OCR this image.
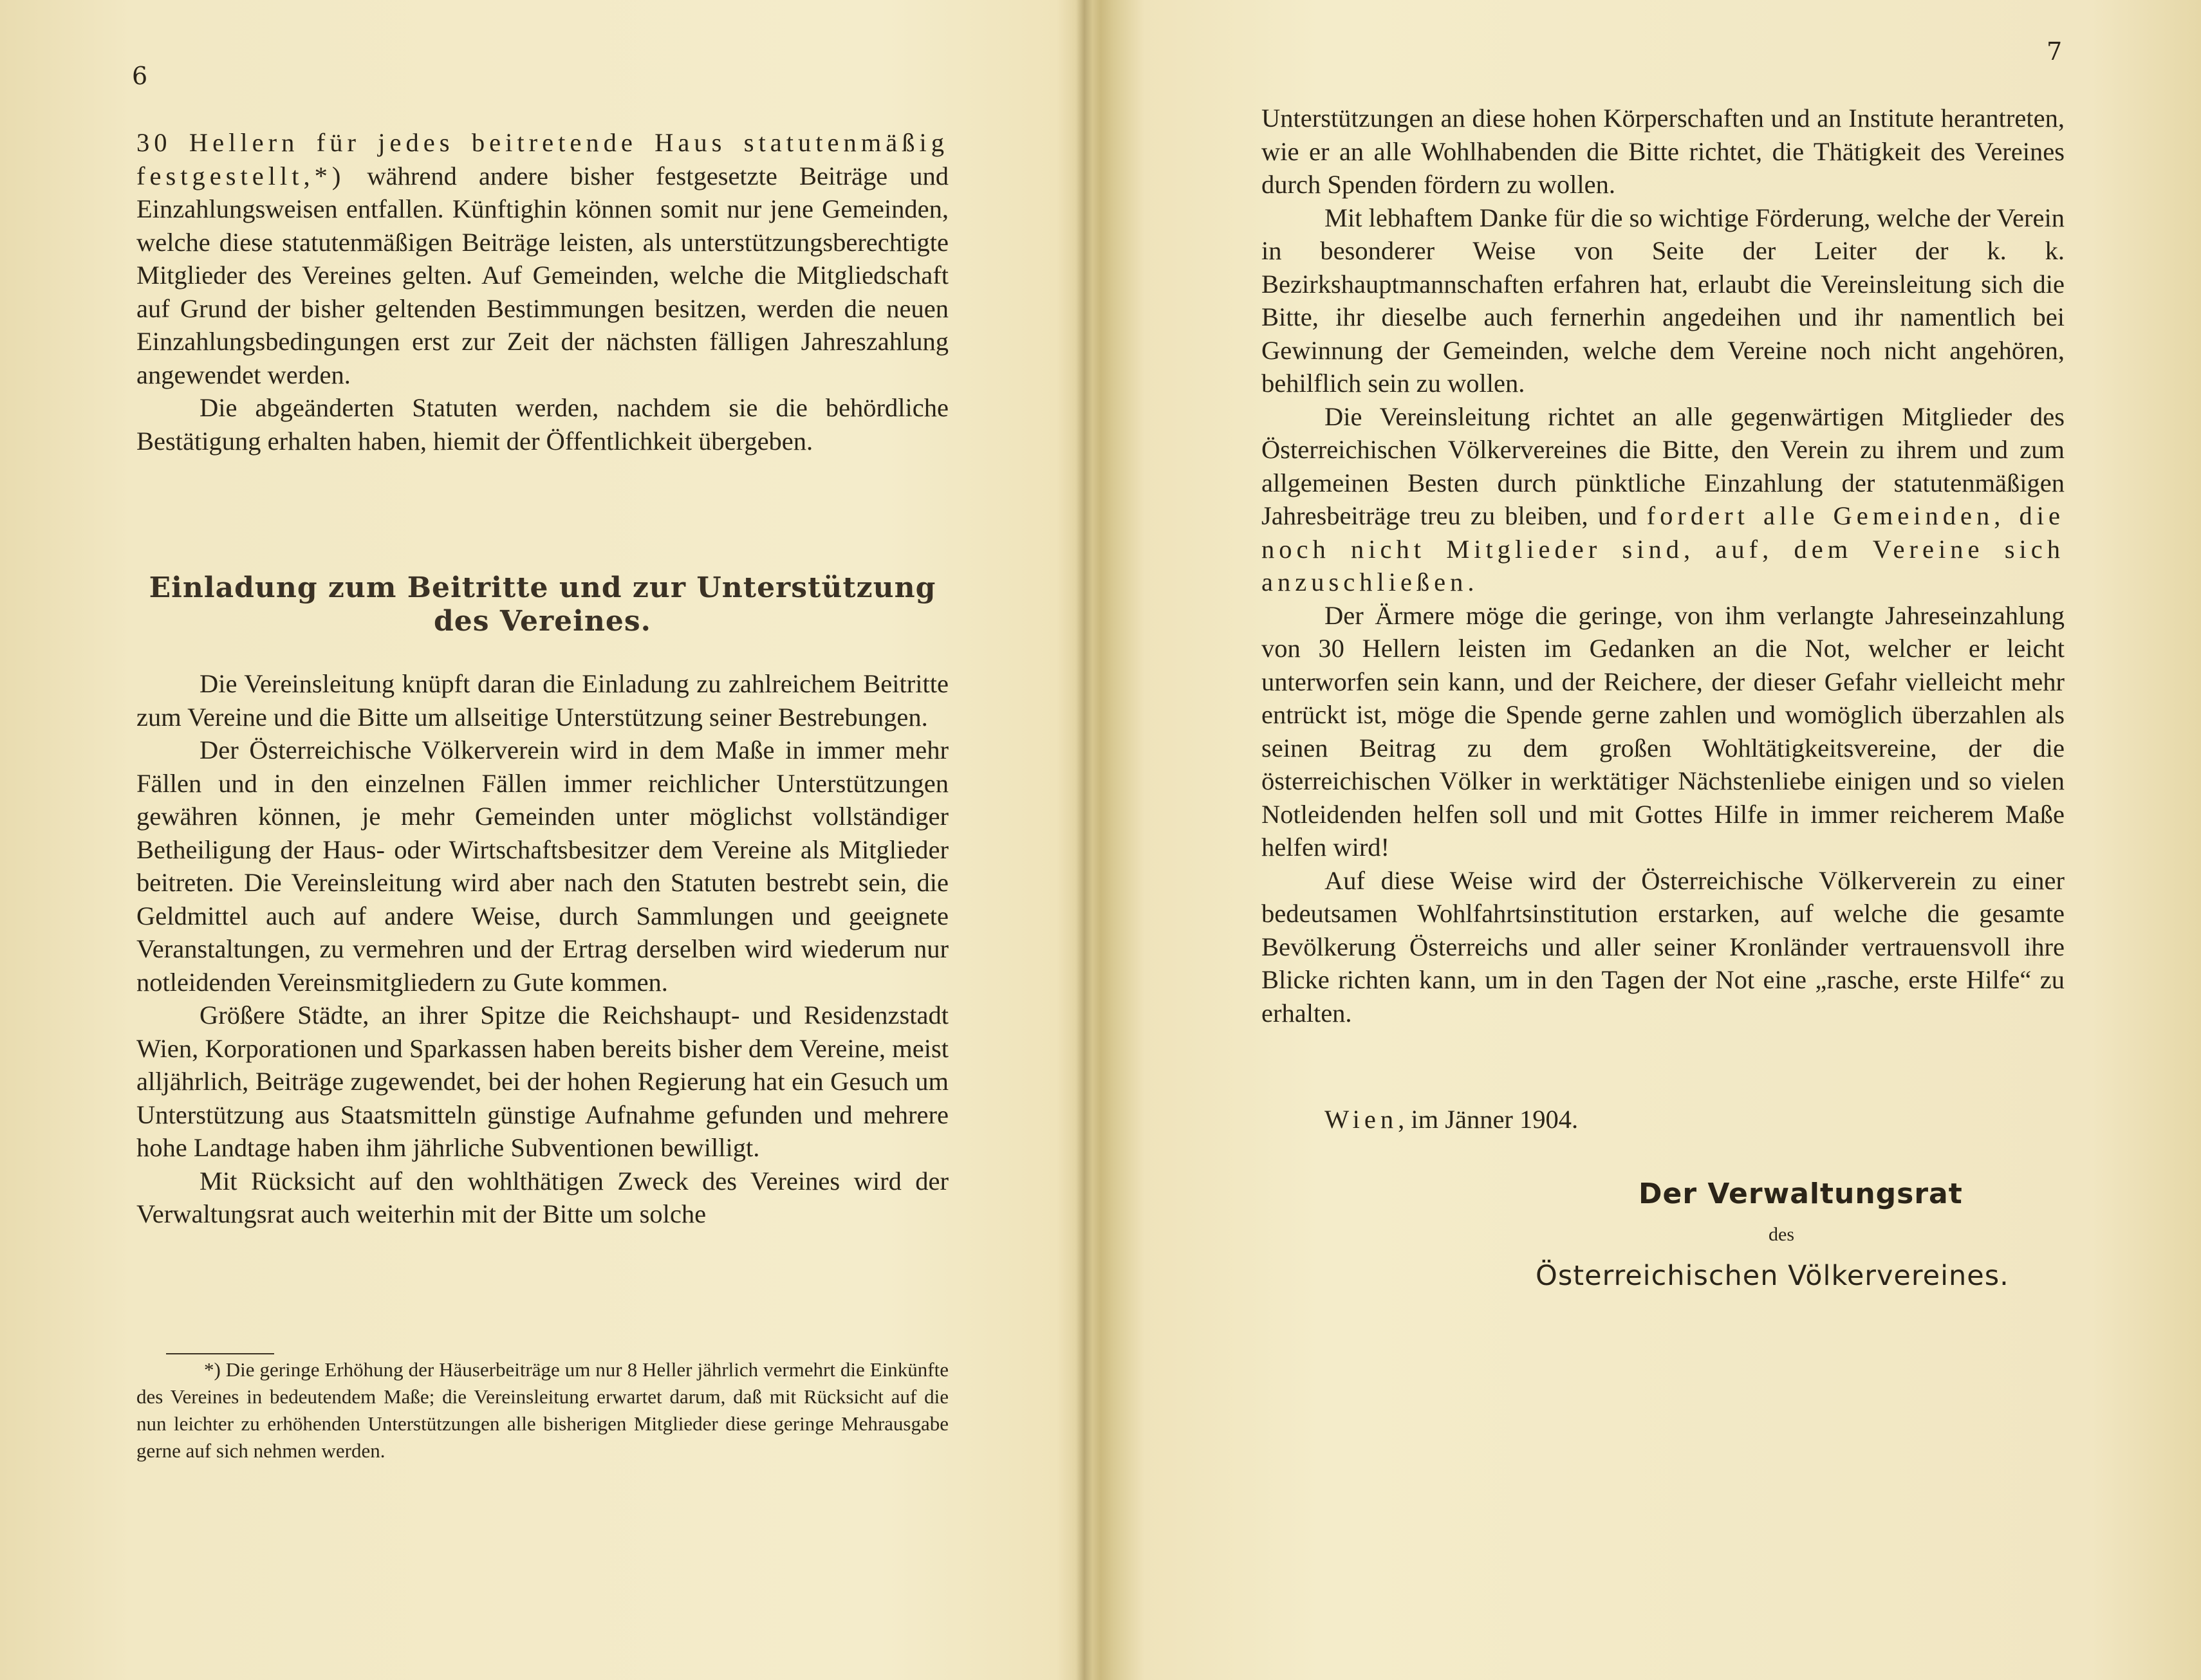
6

30 Hellern für jedes beitretende Haus statutenmäßig festgestellt,*) während andere bisher festgesetzte Beiträge und Einzahlungsweisen entfallen. Künftighin können somit nur jene Gemeinden, welche diese statutenmäßigen Beiträge leisten, als unterstützungsberechtigte Mitglieder des Vereines gelten. Auf Gemeinden, welche die Mitgliedschaft auf Grund der bisher geltenden Bestimmungen besitzen, werden die neuen Einzahlungsbedingungen erst zur Zeit der nächsten fälligen Jahreszahlung angewendet werden.

Die abgeänderten Statuten werden, nachdem sie die behördliche Bestätigung erhalten haben, hiemit der Öffentlichkeit übergeben.

Einladung zum Beitritte und zur Unterstützung des Vereines.

Die Vereinsleitung knüpft daran die Einladung zu zahlreichem Beitritte zum Vereine und die Bitte um allseitige Unterstützung seiner Bestrebungen.

Der Österreichische Völkerverein wird in dem Maße in immer mehr Fällen und in den einzelnen Fällen immer reichlicher Unterstützungen gewähren können, je mehr Gemeinden unter möglichst vollständiger Betheiligung der Haus- oder Wirtschaftsbesitzer dem Vereine als Mitglieder beitreten. Die Vereinsleitung wird aber nach den Statuten bestrebt sein, die Geldmittel auch auf andere Weise, durch Sammlungen und geeignete Veranstaltungen, zu vermehren und der Ertrag derselben wird wiederum nur notleidenden Vereinsmitgliedern zu Gute kommen.

Größere Städte, an ihrer Spitze die Reichshaupt- und Residenzstadt Wien, Korporationen und Sparkassen haben bereits bisher dem Vereine, meist alljährlich, Beiträge zugewendet, bei der hohen Regierung hat ein Gesuch um Unterstützung aus Staatsmitteln günstige Aufnahme gefunden und mehrere hohe Landtage haben ihm jährliche Subventionen bewilligt.

Mit Rücksicht auf den wohlthätigen Zweck des Vereines wird der Verwaltungsrat auch weiterhin mit der Bitte um solche

*) Die geringe Erhöhung der Häuserbeiträge um nur 8 Heller jährlich vermehrt die Einkünfte des Vereines in bedeutendem Maße; die Vereinsleitung erwartet darum, daß mit Rücksicht auf die nun leichter zu erhöhenden Unterstützungen alle bisherigen Mitglieder diese geringe Mehrausgabe gerne auf sich nehmen werden.
7

Unterstützungen an diese hohen Körperschaften und an Institute herantreten, wie er an alle Wohlhabenden die Bitte richtet, die Thätigkeit des Vereines durch Spenden fördern zu wollen.

Mit lebhaftem Danke für die so wichtige Förderung, welche der Verein in besonderer Weise von Seite der Leiter der k. k. Bezirkshauptmannschaften erfahren hat, erlaubt die Vereinsleitung sich die Bitte, ihr dieselbe auch fernerhin angedeihen und ihr namentlich bei Gewinnung der Gemeinden, welche dem Vereine noch nicht angehören, behilflich sein zu wollen.

Die Vereinsleitung richtet an alle gegenwärtigen Mitglieder des Österreichischen Völkervereines die Bitte, den Verein zu ihrem und zum allgemeinen Besten durch pünktliche Einzahlung der statutenmäßigen Jahresbeiträge treu zu bleiben, und fordert alle Gemeinden, die noch nicht Mitglieder sind, auf, dem Vereine sich anzuschließen.

Der Ärmere möge die geringe, von ihm verlangte Jahreseinzahlung von 30 Hellern leisten im Gedanken an die Not, welcher er leicht unterworfen sein kann, und der Reichere, der dieser Gefahr vielleicht mehr entrückt ist, möge die Spende gerne zahlen und womöglich überzahlen als seinen Beitrag zu dem großen Wohltätigkeitsvereine, der die österreichischen Völker in werktätiger Nächstenliebe einigen und so vielen Notleidenden helfen soll und mit Gottes Hilfe in immer reicherem Maße helfen wird!

Auf diese Weise wird der Österreichische Völkerverein zu einer bedeutsamen Wohlfahrtsinstitution erstarken, auf welche die gesamte Bevölkerung Österreichs und aller seiner Kronländer vertrauensvoll ihre Blicke richten kann, um in den Tagen der Not eine „rasche, erste Hilfe“ zu erhalten.

Wien, im Jänner 1904.
Der Verwaltungsrat
des
Österreichischen Völkervereines.
